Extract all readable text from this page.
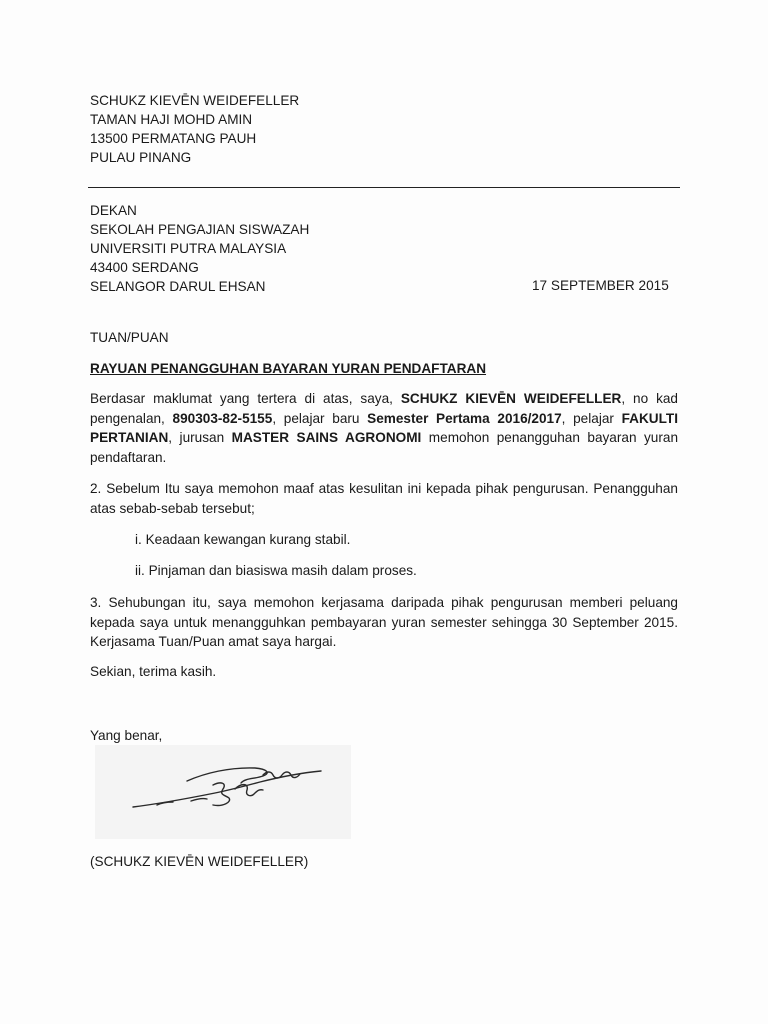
SCHUKZ KIEVĒN WEIDEFELLER
TAMAN HAJI MOHD AMIN
13500 PERMATANG PAUH
PULAU PINANG
DEKAN
SEKOLAH PENGAJIAN SISWAZAH
UNIVERSITI PUTRA MALAYSIA
43400 SERDANG
SELANGOR DARUL EHSAN	17 SEPTEMBER 2015
TUAN/PUAN
RAYUAN PENANGGUHAN BAYARAN YURAN PENDAFTARAN
Berdasar maklumat yang tertera di atas, saya, SCHUKZ KIEVĒN WEIDEFELLER, no kad pengenalan, 890303-82-5155, pelajar baru Semester Pertama 2016/2017, pelajar FAKULTI PERTANIAN, jurusan MASTER SAINS AGRONOMI memohon penangguhan bayaran yuran pendaftaran.
2. Sebelum Itu saya memohon maaf atas kesulitan ini kepada pihak pengurusan. Penangguhan atas sebab-sebab tersebut;
i. Keadaan kewangan kurang stabil.
ii. Pinjaman dan biasiswa masih dalam proses.
3. Sehubungan itu, saya memohon kerjasama daripada pihak pengurusan memberi peluang kepada saya untuk menangguhkan pembayaran yuran semester sehingga 30 September 2015. Kerjasama Tuan/Puan amat saya hargai.
Sekian, terima kasih.
Yang benar,
(SCHUKZ KIEVĒN WEIDEFELLER)
